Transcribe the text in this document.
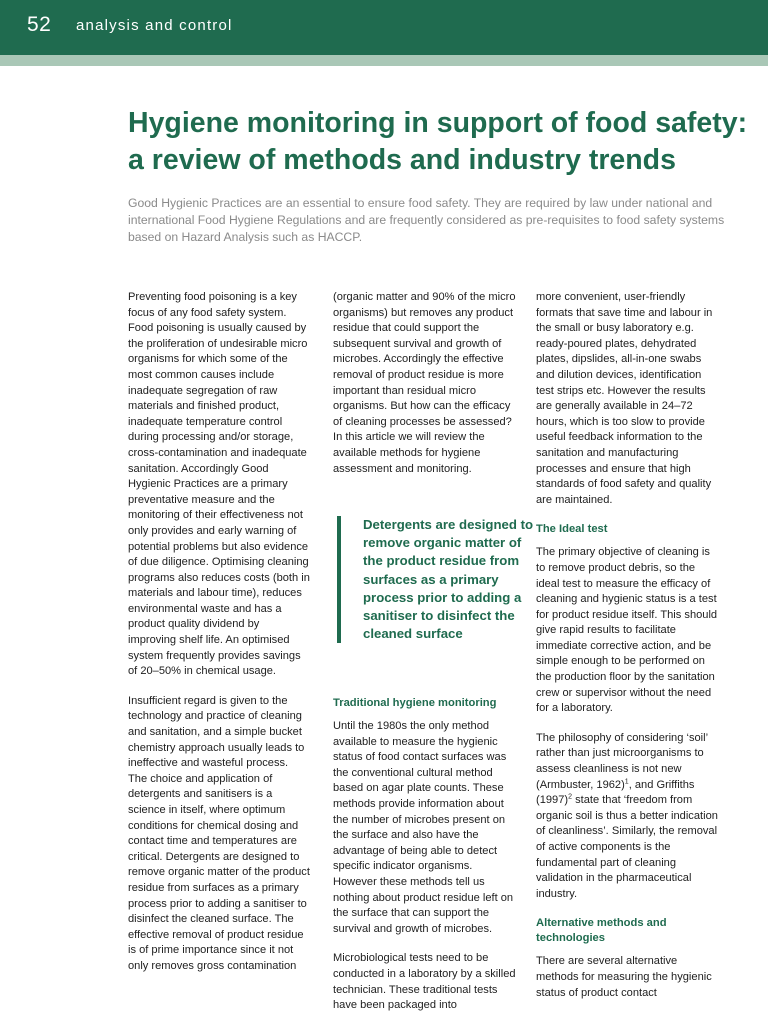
52 analysis and control
Hygiene monitoring in support of food safety: a review of methods and industry trends

Good Hygienic Practices are an essential to ensure food safety. They are required by law under national and international Food Hygiene Regulations and are frequently considered as pre-requisites to food safety systems based on Hazard Analysis such as HACCP.

Preventing food poisoning is a key focus of any food safety system. Food poisoning is usually caused by the proliferation of undesirable micro organisms for which some of the most common causes include inadequate segregation of raw materials and finished product, inadequate temperature control during processing and/or storage, cross-contamination and inadequate sanitation. Accordingly Good Hygienic Practices are a primary preventative measure and the monitoring of their effectiveness not only provides and early warning of potential problems but also evidence of due diligence. Optimising cleaning programs also reduces costs (both in materials and labour time), reduces environmental waste and has a product quality dividend by improving shelf life. An optimised system frequently provides savings of 20–50% in chemical usage.

Insufficient regard is given to the technology and practice of cleaning and sanitation, and a simple bucket chemistry approach usually leads to ineffective and wasteful process. The choice and application of detergents and sanitisers is a science in itself, where optimum conditions for chemical dosing and contact time and temperatures are critical. Detergents are designed to remove organic matter of the product residue from surfaces as a primary process prior to adding a sanitiser to disinfect the cleaned surface. The effective removal of product residue is of prime importance since it not only removes gross contamination

(organic matter and 90% of the micro organisms) but removes any product residue that could support the subsequent survival and growth of microbes. Accordingly the effective removal of product residue is more important than residual micro organisms. But how can the efficacy of cleaning processes be assessed? In this article we will review the available methods for hygiene assessment and monitoring.

Detergents are designed to remove organic matter of the product residue from surfaces as a primary process prior to adding a sanitiser to disinfect the cleaned surface

Traditional hygiene monitoring

Until the 1980s the only method available to measure the hygienic status of food contact surfaces was the conventional cultural method based on agar plate counts. These methods provide information about the number of microbes present on the surface and also have the advantage of being able to detect specific indicator organisms. However these methods tell us nothing about product residue left on the surface that can support the survival and growth of microbes.

Microbiological tests need to be conducted in a laboratory by a skilled technician. These traditional tests have been packaged into

more convenient, user-friendly formats that save time and labour in the small or busy laboratory e.g. ready-poured plates, dehydrated plates, dipslides, all-in-one swabs and dilution devices, identification test strips etc. However the results are generally available in 24–72 hours, which is too slow to provide useful feedback information to the sanitation and manufacturing processes and ensure that high standards of food safety and quality are maintained.

The Ideal test

The primary objective of cleaning is to remove product debris, so the ideal test to measure the efficacy of cleaning and hygienic status is a test for product residue itself. This should give rapid results to facilitate immediate corrective action, and be simple enough to be performed on the production floor by the sanitation crew or supervisor without the need for a laboratory.

The philosophy of considering ‘soil’ rather than just microorganisms to assess cleanliness is not new (Armbuster, 1962)$^1$, and Griffiths $(1997)^2$ state that ‘freedom from organic soil is thus a better indication of cleanliness’. Similarly, the removal of active components is the fundamental part of cleaning validation in the pharmaceutical industry.

Alternative methods and technologies

There are several alternative methods for measuring the hygienic status of product contact
